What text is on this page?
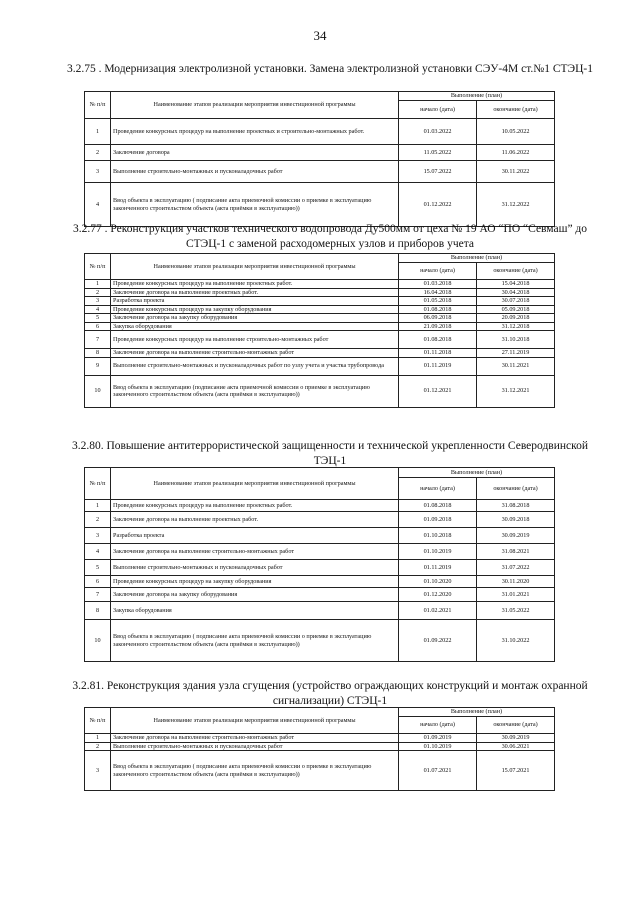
34
3.2.75 . Модернизация электролизной установки. Замена электролизной установки СЭУ-4М ст.№1 СТЭЦ-1
№ п/п	Наименование этапов реализации мероприятия инвестиционной программы	Выполнение (план)	
		начало (дата)	окончание (дата)
1	Проведение конкурсных процедур на выполнение проектных и строительно-монтажных работ.	01.03.2022	10.05.2022
2	Заключение договора	11.05.2022	11.06.2022
3	Выполнение строительно-монтажных и пусконаладочных работ	15.07.2022	30.11.2022
4	Ввод объекта в эксплуатацию ( подписание акта приемочной комиссии о приемке в эксплуатацию законченного строительством объекта (акта приёмки в эксплуатацию))	01.12.2022	31.12.2022
3.2.77 . Реконструкция участков технического водопровода Ду500мм от цеха № 19 АО “ПО “Севмаш” до СТЭЦ-1 с заменой расходомерных узлов и приборов учета
№ п/п	Наименование этапов реализации мероприятия инвестиционной программы	Выполнение (план)	
		начало (дата)	окончание (дата)
1	Проведение конкурсных процедур на выполнение проектных работ.	01.03.2018	15.04.2018
2	Заключение договора на выполнение проектных работ.	16.04.2018	30.04.2018
3	Разработка проекта	01.05.2018	30.07.2018
4	Проведение конкурсных процедур на закупку оборудования	01.08.2018	05.09.2018
5	Заключение договора на закупку оборудования	06.09.2018	20.09.2018
6	Закупка оборудования	21.09.2018	31.12.2018
7	Проведение конкурсных процедур на выполнение строительно-монтажных работ	01.08.2018	31.10.2018
8	Заключение договора на выполнение строительно-монтажных работ	01.11.2018	27.11.2019
9	Выполнение строительно-монтажных и пусконаладочных работ по узлу учета и участка трубопровода	01.11.2019	30.11.2021
10	Ввод объекта в эксплуатацию (подписание акта приемочной комиссии о приемке в эксплуатацию законченного строительством объекта (акта приёмки в эксплуатацию))	01.12.2021	31.12.2021
3.2.80. Повышение антитеррористической защищенности и технической укрепленности Северодвинской ТЭЦ-1
№ п/п	Наименование этапов реализации мероприятия инвестиционной программы	Выполнение (план)	
		начало (дата)	окончание (дата)
1	Проведение конкурсных процедур на выполнение проектных работ.	01.08.2018	31.08.2018
2	Заключение договора на выполнение проектных работ.	01.09.2018	30.09.2018
3	Разработка проекта	01.10.2018	30.09.2019
4	Заключение договора на выполнение строительно-монтажных работ	01.10.2019	31.08.2021
5	Выполнение строительно-монтажных и пусконаладочных работ	01.11.2019	31.07.2022
6	Проведение конкурсных процедур на закупку оборудования	01.10.2020	30.11.2020
7	Заключение договора на закупку оборудования	01.12.2020	31.01.2021
8	Закупка оборудования	01.02.2021	31.05.2022
10	Ввод объекта в эксплуатацию ( подписание акта приемочной комиссии о приемке в эксплуатацию законченного строительством объекта (акта приёмки в эксплуатацию))	01.09.2022	31.10.2022
3.2.81. Реконструкция здания узла сгущения (устройство ограждающих конструкций и монтаж охранной сигнализации) СТЭЦ-1
№ п/п	Наименование этапов реализации мероприятия инвестиционной программы	Выполнение (план)	
		начало (дата)	окончание (дата)
1	Заключение договора на выполнение строительно-монтажных работ	01.09.2019	30.09.2019
2	Выполнение строительно-монтажных и пусконаладочных работ	01.10.2019	30.06.2021
3	Ввод объекта в эксплуатацию ( подписание акта приемочной комиссии о приемке в эксплуатацию законченного строительством объекта (акта приёмки в эксплуатацию))	01.07.2021	15.07.2021
